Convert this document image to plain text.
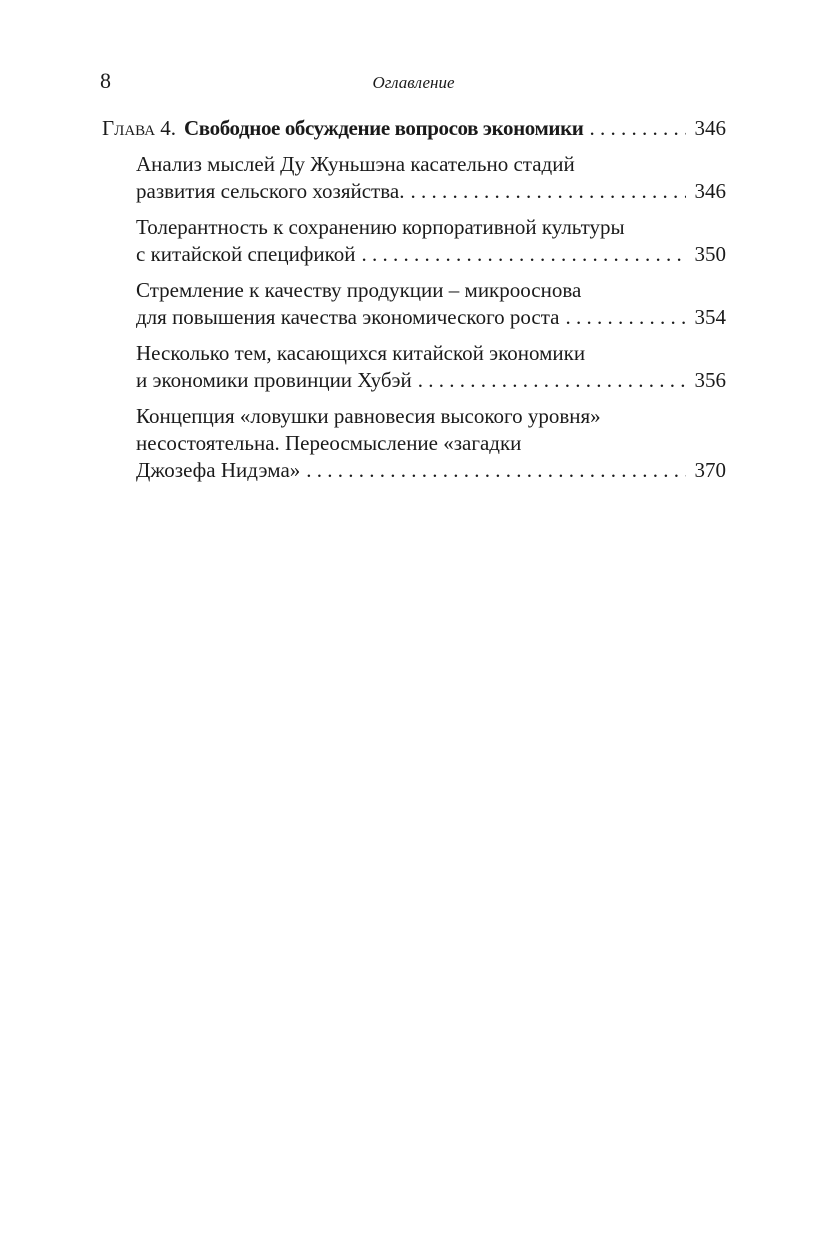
8	Оглавление
Глава 4. Свободное обсуждение вопросов экономики . . .	346
Анализ мыслей Ду Жуньшэна касательно стадий
развития сельского хозяйства. . . .	346
Толерантность к сохранению корпоративной культуры
с китайской спецификой . . .	350
Стремление к качеству продукции – микрооснова
для повышения качества экономического роста . . .	354
Несколько тем, касающихся китайской экономики
и экономики провинции Хубэй . . .	356
Концепция «ловушки равновесия высокого уровня»
несостоятельна. Переосмысление «загадки
Джозефа Нидэма» . . .	370
